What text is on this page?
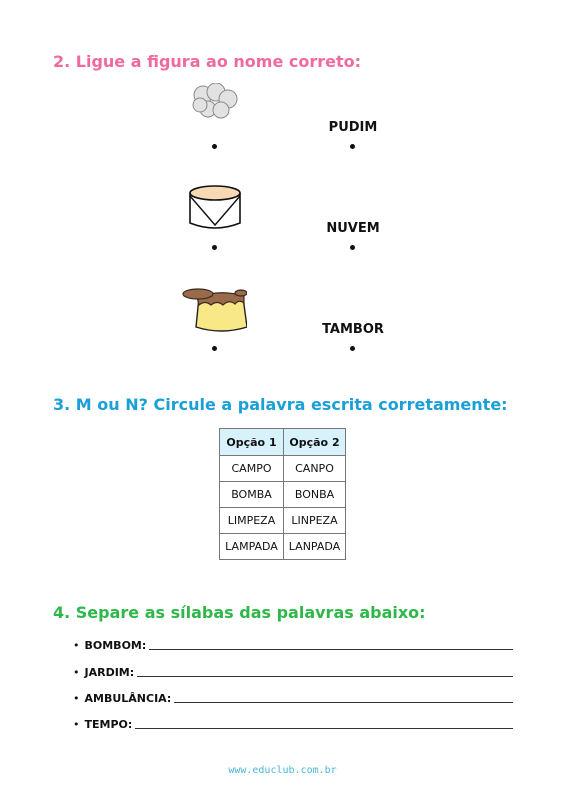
2. Ligue a figura ao nome correto:
PUDIM
NUVEM
TAMBOR
3. M ou N? Circule a palavra escrita corretamente:
Opção 1	Opção 2
CAMPO	CANPO
BOMBA	BONBA
LIMPEZA	LINPEZA
LAMPADA	LANPADA
4. Separe as sílabas das palavras abaixo:
• BOMBOM:
• JARDIM:
• AMBULÂNCIA:
• TEMPO:
www.educlub.com.br
